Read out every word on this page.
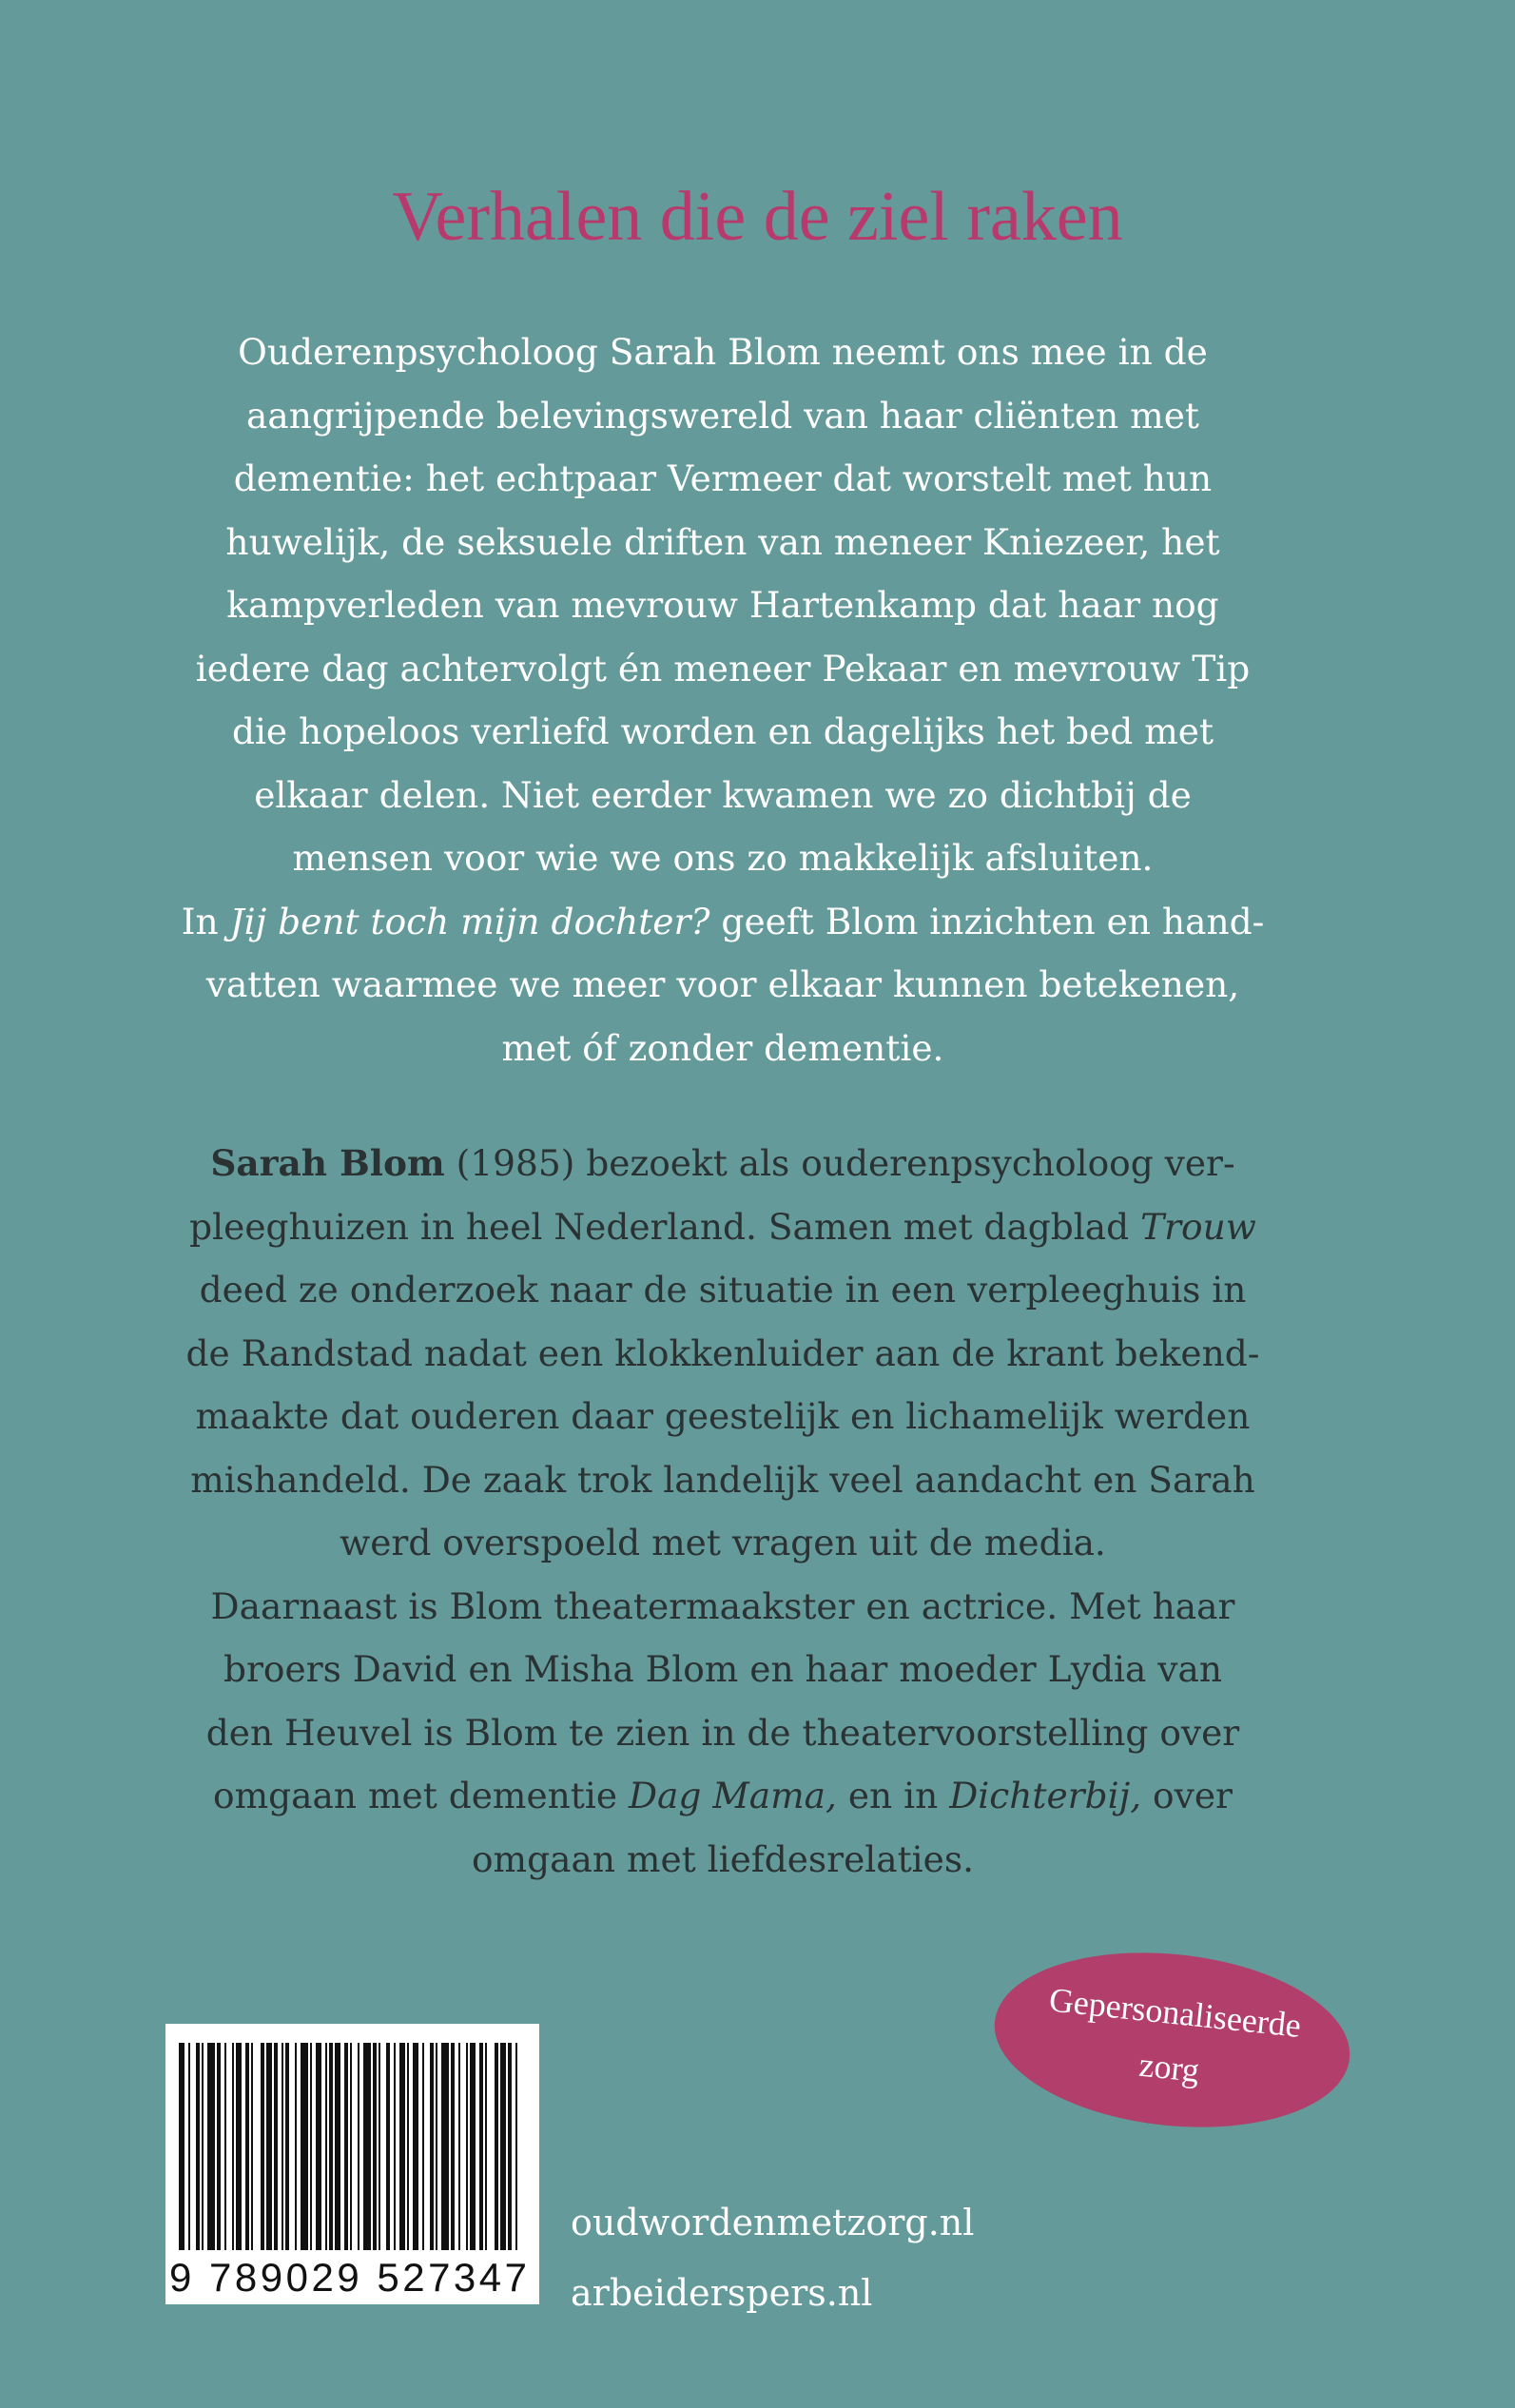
Verhalen die de ziel raken
Ouderenpsycholoog Sarah Blom neemt ons mee in de
aangrijpende belevingswereld van haar cliënten met
dementie: het echtpaar Vermeer dat worstelt met hun
huwelijk, de seksuele driften van meneer Kniezeer, het
kampverleden van mevrouw Hartenkamp dat haar nog
iedere dag achtervolgt én meneer Pekaar en mevrouw Tip
die hopeloos verliefd worden en dagelijks het bed met
elkaar delen. Niet eerder kwamen we zo dichtbij de
mensen voor wie we ons zo makkelijk afsluiten.
In Jij bent toch mijn dochter? geeft Blom inzichten en hand-
vatten waarmee we meer voor elkaar kunnen betekenen,
met óf zonder dementie.
Sarah Blom (1985) bezoekt als ouderenpsycholoog ver-
pleeghuizen in heel Nederland. Samen met dagblad Trouw
deed ze onderzoek naar de situatie in een verpleeghuis in
de Randstad nadat een klokkenluider aan de krant bekend-
maakte dat ouderen daar geestelijk en lichamelijk werden
mishandeld. De zaak trok landelijk veel aandacht en Sarah
werd overspoeld met vragen uit de media.
Daarnaast is Blom theatermaakster en actrice. Met haar
broers David en Misha Blom en haar moeder Lydia van
den Heuvel is Blom te zien in de theatervoorstelling over
omgaan met dementie Dag Mama, en in Dichterbij, over
omgaan met liefdesrelaties.
Gepersonaliseerde
zorg
9 789029 527347
oudwordenmetzorg.nl
arbeiderspers.nl
